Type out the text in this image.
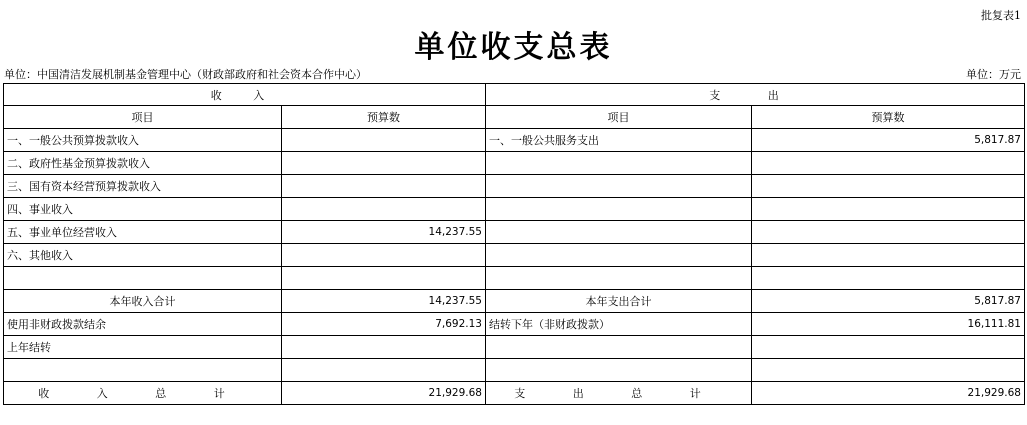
批复表1
单位收支总表
单位：中国清洁发展机制基金管理中心（财政部政府和社会资本合作中心）	单位：万元
收 入		支 出	
项目	预算数	项目	预算数
一、一般公共预算拨款收入		一、一般公共服务支出	5,817.87
二、政府性基金预算拨款收入			
三、国有资本经营预算拨款收入			
四、事业收入			
五、事业单位经营收入	14,237.55		
六、其他收入			

本年收入合计	14,237.55	本年支出合计	5,817.87
使用非财政拨款结余	7,692.13	结转下年（非财政拨款）	16,111.81
上年结转			

收 入 总 计	21,929.68	支 出 总 计	21,929.68
